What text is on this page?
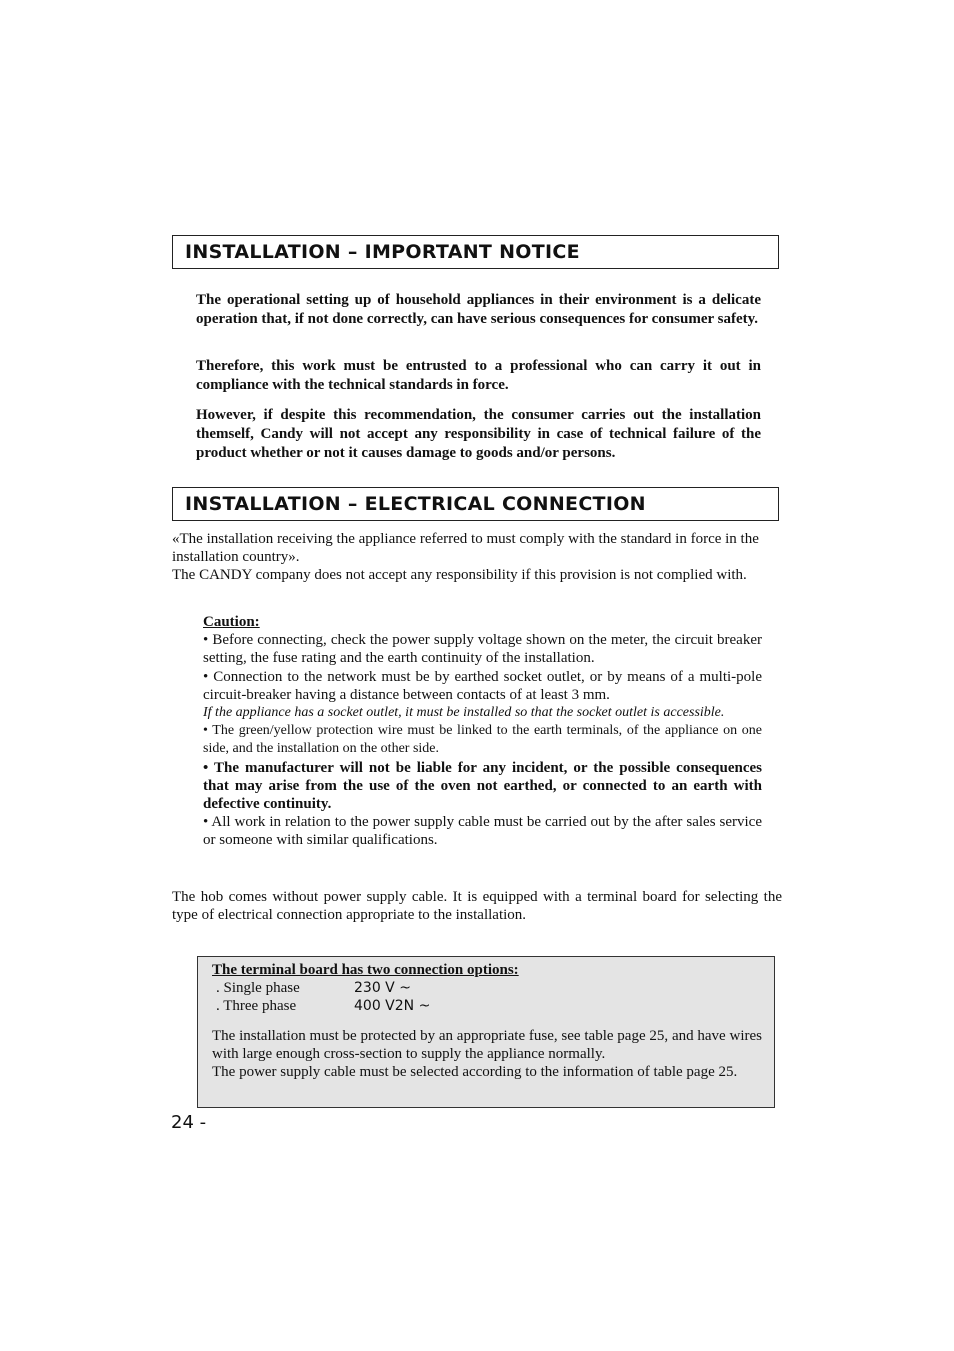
INSTALLATION – IMPORTANT NOTICE

The operational setting up of household appliances in their environment is a delicate operation that, if not done correctly, can have serious consequences for consumer safety.

Therefore, this work must be entrusted to a professional who can carry it out in compliance with the technical standards in force.

However, if despite this recommendation, the consumer carries out the installation themself, Candy will not accept any responsibility in case of technical failure of the product whether or not it causes damage to goods and/or persons.

INSTALLATION – ELECTRICAL CONNECTION

«The installation receiving the appliance referred to must comply with the standard in force in the installation country».

The CANDY company does not accept any responsibility if this provision is not complied with.

Caution:

• Before connecting, check the power supply voltage shown on the meter, the circuit breaker setting, the fuse rating and the earth continuity of the installation.

• Connection to the network must be by earthed socket outlet, or by means of a multi-pole circuit-breaker having a distance between contacts of at least 3 mm.

If the appliance has a socket outlet, it must be installed so that the socket outlet is accessible.

• The green/yellow protection wire must be linked to the earth terminals, of the appliance on one side, and the installation on the other side.

• The manufacturer will not be liable for any incident, or the possible consequences that may arise from the use of the oven not earthed, or connected to an earth with defective continuity.

• All work in relation to the power supply cable must be carried out by the after sales service or someone with similar qualifications.

The hob comes without power supply cable. It is equipped with a terminal board for selecting the type of electrical connection appropriate to the installation.

The terminal board has two connection options:
. Single phase	230 V ~
. Three phase	400 V2N ~

The installation must be protected by an appropriate fuse, see table page 25, and have wires with large enough cross-section to supply the appliance normally.

The power supply cable must be selected according to the information of table page 25.

24 -
